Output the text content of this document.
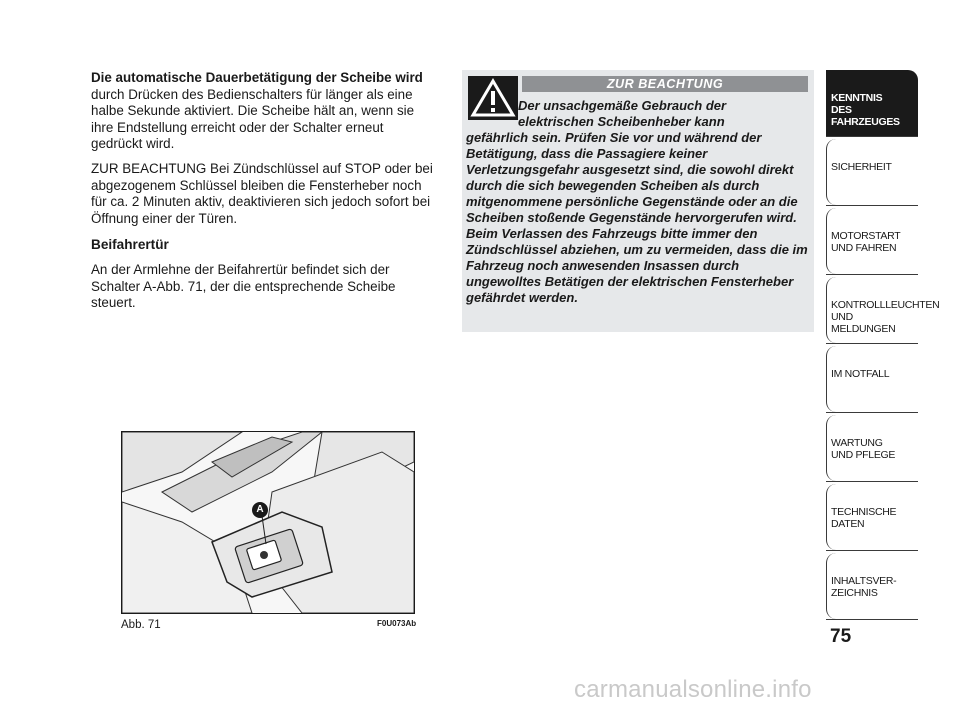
Die automatische Dauerbetätigung der Scheibe wird durch Drücken des Bedienschalters für länger als eine halbe Sekunde aktiviert. Die Scheibe hält an, wenn sie ihre Endstellung erreicht oder der Schalter erneut gedrückt wird.

ZUR BEACHTUNG Bei Zündschlüssel auf STOP oder bei abgezogenem Schlüssel bleiben die Fensterheber noch für ca. 2 Minuten aktiv, deaktivieren sich jedoch sofort bei Öffnung einer der Türen.

Beifahrertür

An der Armlehne der Beifahrertür befindet sich der Schalter A-Abb. 71, der die entsprechende Scheibe steuert.

ZUR BEACHTUNG
Der unsachgemäße Gebrauch der
elektrischen Scheibenheber kann
gefährlich sein. Prüfen Sie vor und während der Betätigung, dass die Passagiere keiner Verletzungsgefahr ausgesetzt sind, die sowohl direkt durch die sich bewegenden Scheiben als durch mitgenommene persönliche Gegenstände oder an die Scheiben stoßende Gegenstände hervorgerufen wird. Beim Verlassen des Fahrzeugs bitte immer den Zündschlüssel abziehen, um zu vermeiden, dass die im Fahrzeug noch anwesenden Insassen durch ungewolltes Betätigen der elektrischen Fensterheber gefährdet werden.
A
Abb. 71	F0U073Ab
KENNTNIS
DES FAHRZEUGES
SICHERHEIT
MOTORSTART
UND FAHREN
KONTROLLLEUCHTEN
UND MELDUNGEN
IM NOTFALL
WARTUNG
UND PFLEGE
TECHNISCHE
DATEN
INHALTSVER-
ZEICHNIS
75
carmanualsonline.info
